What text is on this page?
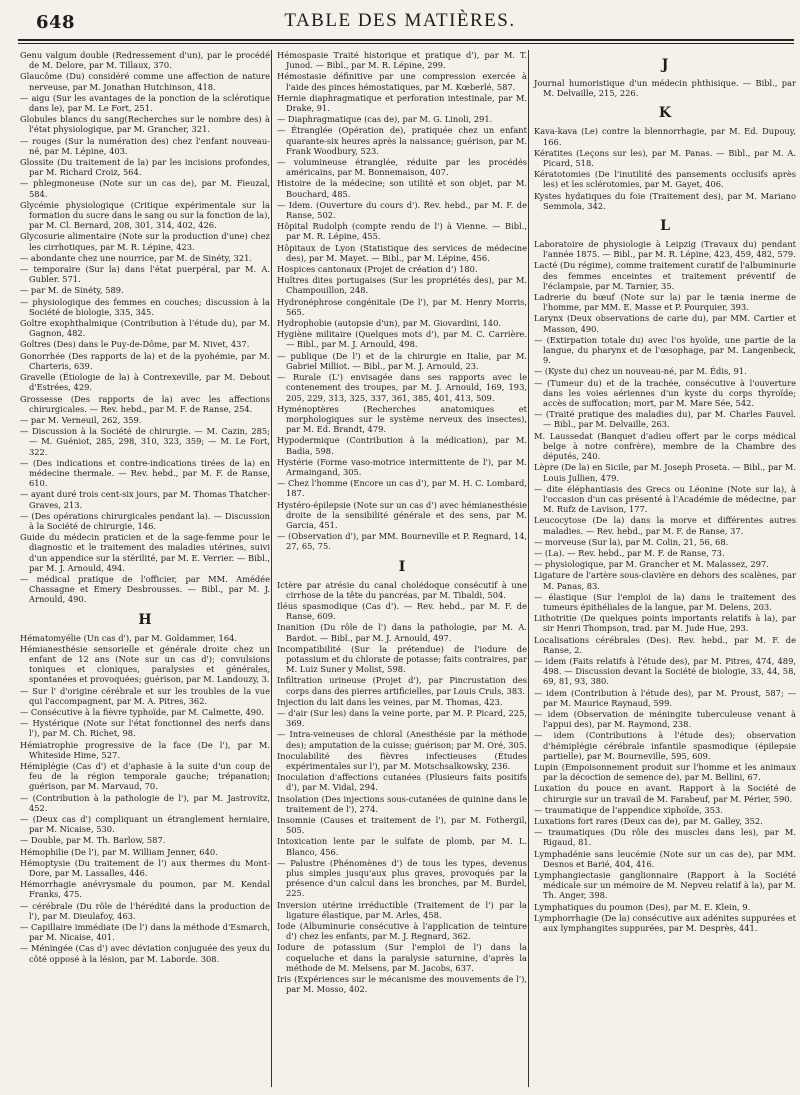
648	TABLE DES MATIÈRES.
Genu valgum double (Redressement d'un), par le procédé de M. Delore, par M. Tillaux, 370.
Glaucôme (Du) considéré comme une affection de nature nerveuse, par M. Jonathan Hutchinson, 418.
— aigu (Sur les avantages de la ponction de la sclérotique dans le), par M. Le Fort, 251.
Globules blancs du sang(Recherches sur le nombre des) à l'état physiologique, par M. Grancher, 321.
— rouges (Sur la numération des) chez l'enfant nouveau-né, par M. Lépine, 403.
Glossite (Du traitement de la) par les incisions profondes, par M. Richard Croiz, 564.
— phlegmoneuse (Note sur un cas de), par M. Fieuzal, 584.
Glycémie physiologique (Critique expérimentale sur la formation du sucre dans le sang ou sur la fonction de la), par M. Cl. Bernard, 208, 301, 314, 402, 426.
Glycosurie alimentaire (Note sur la production d'une) chez les cirrhotiques, par M. R. Lépine, 423.
— abondante chez une nourrice, par M. de Sinéty, 321.
— temporaire (Sur la) dans l'état puerpéral, par M. A. Gubler. 571.
— par M. de Sinéty, 589.
— physiologique des femmes en couches; discussion à la Société de biologie, 335, 345.
Goître exophthalmique (Contribution à l'étude du), par M. Gagnon, 482.
Goîtres (Des) dans le Puy-de-Dôme, par M. Nivet, 437.
Gonorrhée (Des rapports de la) et de la pyohémie, par M. Charteris, 639.
Gravelle (Étiologie de la) à Contrexeville, par M. Debout d'Estrées, 429.
Grossesse (Des rapports de la) avec les affections chirurgicales. — Rev. hebd., par M. F. de Ranse, 254.
— par M. Verneuil, 262, 359.
— Discussion à la Société de chirurgie. — M. Cazin, 285; — M. Guéniot, 285, 298, 310, 323, 359; — M. Le Fort, 322.
— (Des indications et contre-indications tirées de la) en médecine thermale. — Rev. hebd., par M. F. de Ranse, 610.
— ayant duré trois cent-six jours, par M. Thomas Thatcher-Graves, 213.
— (Des opérations chirurgicales pendant la). — Discussion à la Société de chirurgie, 146.
Guide du médecin praticien et de la sage-femme pour le diagnostic et le traitement des maladies utérines, suivi d'un appendice sur la stérilité, par M. E. Verrier. — Bibl., par M. J. Arnould, 494.
— médical pratique de l'officier, par MM. Amédée Chassagne et Emery Desbrousses. — Bibl., par M. J. Arnould, 490.
H
Hématomyélie (Un cas d'), par M. Goldammer, 164.
Hémianesthésie sensorielle et générale droite chez un enfant de 12 ans (Note sur un cas d'); convulsions toniques et cloniques, paralysies et générales, spontanées et provoquées; guérison, par M. Landouzy, 3.
— Sur l' d'origine cérébrale et sur les troubles de la vue qui l'accompagnent, par M. A. Pitres, 362.
— Consécutive à la fièvre typhoïde, par M. Calmette, 490.
— Hystérique (Note sur l'état fonctionnel des nerfs dans l'), par M. Ch. Richet, 98.
Hémiatrophie progressive de la face (De l'), par M. Whiteside Hime, 527.
Hémiplégie (Cas d') et d'aphasie à la suite d'un coup de feu de la région temporale gauche; trépanation; guérison, par M. Marvaud, 70.
— (Contribution à la pathologie de l'), par M. Jastrovitz, 452.
— (Deux cas d') compliquant un étranglement herniaire, par M. Nicaise, 530.
— Double, par M. Th. Barlow, 587.
Hémophilie (De l'), par M. William Jenner, 640.
Hémoptysie (Du traitement de l') aux thermes du Mont-Dore, par M. Lassalles, 446.
Hémorrhagie anévrysmale du poumon, par M. Kendal Franks, 475.
— cérébrale (Du rôle de l'hérédité dans la production de l'), par M. Dieulafoy, 463.
— Capillaire immédiate (De l') dans la méthode d'Esmarch, par M. Nicaise, 401.
— Méningée (Cas d') avec déviation conjuguée des yeux du côté opposé à la lésion, par M. Laborde. 308.
Hémospasie Traité historique et pratique d'), par M. T. Junod. — Bibl., par M. R. Lépine, 299.
Hémostasie définitive par une compression exercée à l'aide des pinces hémostatiques, par M. Kœberlé, 587.
Hernie diaphragmatique et perforation intestinale, par M. Drake, 91.
— Diaphragmatique (cas de), par M. G. Linoli, 291.
— Étranglée (Opération de), pratiquée chez un enfant quarante-six heures après la naissance; guérison, par M. Frank Woodbury, 523.
— volumineuse étranglée, réduite par les procédés américains, par M. Bonnemaison, 407.
Histoire de la médecine; son utilité et son objet, par M. Bouchard, 485.
— Idem. (Ouverture du cours d'). Rev. hebd., par M. F. de Ranse, 502.
Hôpital Rudolph (compte rendu de l') à Vienne. — Bibl., par M. R. Lépine, 455.
Hôpitaux de Lyon (Statistique des services de médecine des), par M. Mayet. — Bibl., par M. Lépine, 456.
Hospices cantonaux (Projet de création d') 180.
Huîtres dites portugaises (Sur les propriétés des), par M. Champouillon, 248.
Hydronéphrose congénitale (De l'), par M. Henry Morris, 565.
Hydrophobie (autopsie d'un), par M. Giovardini, 140.
Hygiène militaire (Quelques mots d'), par M. C. Carrière. — Bibl., par M. J. Arnould, 498.
— publique (De l') et de la chirurgie en Italie, par M. Gabriel Milliot. — Bibl., par M. J. Arnould, 23.
— Rurale (L') envisagée dans ses rapports avec le contenement des troupes, par M. J. Arnould, 169, 193, 205, 229, 313, 325, 337, 361, 385, 401, 413, 509.
Hyménoptères (Recherches anatomiques et morphologiques sur le système nerveux des insectes), par M. Ed. Brandt, 479.
Hypodermique (Contribution à la médication), par M. Badia, 598.
Hystérie (Forme vaso-motrice intermittente de l'), par M. Armaingand, 305.
— Chez l'homme (Encore un cas d'), par M. H. C. Lombard, 187.
Hystéro-épilepsie (Note sur un cas d') avec hémianesthésie droite de la sensibilité générale et des sens, par M. Garcia, 451.
— (Observation d'), par MM. Bourneville et P. Regnard, 14, 27, 65, 75.
I
Ictère par atrésie du canal cholédoque consécutif à une cirrhose de la tête du pancréas, par M. Tibaldi, 504.
Iléus spasmodique (Cas d'). — Rev. hebd., par M. F. de Ranse, 609.
Inanition (Du rôle de l') dans la pathologie, par M. A. Bardot. — Bibl., par M. J. Arnould, 497.
Incompatibilité (Sur la prétendue) de l'iodure de potassium et du chlorate de potasse; faits contraires, par M. Luiz Suner y Molist, 598.
Infiltration urineuse (Projet d'), par Pincrustation des corps dans des pierres artificielles, par Louis Cruls, 383.
Injection du lait dans les veines, par M. Thomas, 423.
— d'air (Sur les) dans la veine porte, par M. P. Picard, 225, 369.
— Intra-veineuses de chloral (Anesthésie par la méthode des); amputation de la cuisse; guérison; par M. Oré, 305.
Inoculabilité des fièvres infectieuses (Études expérimentales sur l'), par M. Motschsalkowsky, 236.
Inoculation d'affections cutanées (Plusieurs faits positifs d'), par M. Vidal, 294.
Insolation (Des injections sous-cutanées de quinine dans le traitement de l'), 274.
Insomnie (Causes et traitement de l'), par M. Fothergil, 505.
Intoxication lente par le sulfate de plomb, par M. L. Blanco, 456.
— Palustre (Phénomènes d') de tous les types, devenus plus simples jusqu'aux plus graves, provoqués par la présence d'un calcul dans les bronches, par M. Burdel, 225.
Inversion utérine irréductible (Traitement de l') par la ligature élastique, par M. Arles, 458.
Iode (Albuminurie consécutive à l'application de teinture d') chez les enfants, par M. J. Regnard, 362.
Iodure de potassium (Sur l'emploi de l') dans la coqueluche et dans la paralysie saturnine, d'après la méthode de M. Melsens, par M. Jacobs, 637.
Iris (Expériences sur le mécanisme des mouvements de l'), par M. Mosso, 402.
J
Journal humoristique d'un médecin phthisique. — Bibl., par M. Delvaille, 215, 226.
K
Kava-kava (Le) contre la blennorrhagie, par M. Ed. Dupouy, 166.
Kératites (Leçons sur les), par M. Panas. — Bibl., par M. A. Picard, 518.
Kératotomies (De l'inutilité des pansements occlusifs après les) et les sclérotomies, par M. Gayet, 406.
Kystes hydatiques du foie (Traitement des), par M. Mariano Semmola, 342.
L
Laboratoire de physiologie à Leipzig (Travaux du) pendant l'année 1875. — Bibl., par M. R. Lépine, 423, 459, 482, 579.
Lacté (Du régime), comme traitement curatif de l'albuminurie des femmes enceintes et traitement préventif de l'éclampsie, par M. Tarnier, 35.
Ladrerie du bœuf (Note sur la) par le tænia inerme de l'homme, par MM. E. Masse et P. Pourquier, 393.
Larynx (Deux observations de carie du), par MM. Cartier et Masson, 490.
— (Extirpation totale du) avec l'os hyoïde, une partie de la langue, du pharynx et de l'œsophage, par M. Langenbeck, 9.
— (Kyste du) chez un nouveau-né, par M. Édis, 91.
— (Tumeur du) et de la trachée, consécutive à l'ouverture dans les voies aériennes d'un kyste du corps thyroïde; accès de suffocation; mort, par M. Mare Sée, 542.
— (Traité pratique des maladies du), par M. Charles Fauvel. — Bibl., par M. Delvaille, 263.
M. Laussedat (Banquet d'adieu offert par le corps médical belge à notre confrère), membre de la Chambre des députés, 240.
Lèpre (De la) en Sicile, par M. Joseph Proseta. — Bibl., par M. Louis Jullien, 479.
— dite éléphantiasis des Grecs ou Léonine (Note sur la), à l'occasion d'un cas présenté à l'Académie de médecine, par M. Rufz de Lavison, 177.
Leucocytose (De la) dans la morve et différentes autres maladies. — Rev. hebd., par M. F. de Ranse, 37.
— morveuse (Sur la), par M. Colin, 21, 56, 68.
— (La). — Rev. hebd., par M. F. de Ranse, 73.
— physiologique, par M. Grancher et M. Malassez, 297.
Ligature de l'artère sous-clavière en dehors des scalènes, par M. Panas, 83.
— élastique (Sur l'emploi de la) dans le traitement des tumeurs épithéliales de la langue, par M. Delens, 203.
Lithotritie (De quelques points importants relatifs à la), par sir Henri Thompson, trad. par M. Jude Hue, 293.
Localisations cérébrales (Des). Rev. hebd., par M. F. de Ranse, 2.
— idem (Faits relatifs à l'étude des), par M. Pitres, 474, 489, 498. — Discussion devant la Société de biologie, 33, 44, 58, 69, 81, 93, 380.
— idem (Contribution à l'étude des), par M. Proust, 587; — par M. Maurice Raynaud, 599.
— idem (Observation de méningite tuberculeuse venant à l'appui des), par M. Raymond, 238.
— idem (Contributions à l'étude des); observation d'hémiplégie cérébrale infantile spasmodique (épilepsie partielle), par M. Bourneville, 595, 609.
Lupin (Empoisonnement produit sur l'homme et les animaux par la décoction de semence de), par M. Bellini, 67.
Luxation du pouce en avant. Rapport à la Société de chirurgie sur un travail de M. Farabeuf, par M. Périer, 590.
— traumatique de l'appendice xiphoïde, 353.
Luxations fort rares (Deux cas de), par M. Galley, 352.
— traumatiques (Du rôle des muscles dans les), par M. Rigaud, 81.
Lymphadénie sans leucémie (Note sur un cas de), par MM. Desnos et Barié, 404, 416.
Lymphangiectasie ganglionnaire (Rapport à la Société médicale sur un mémoire de M. Nepveu relatif à la), par M. Th. Anger, 398.
Lymphatiques du poumon (Des), par M. E. Klein, 9.
Lymphorrhagie (De la) consécutive aux adénites suppurées et aux lymphangites suppurées, par M. Desprès, 441.
